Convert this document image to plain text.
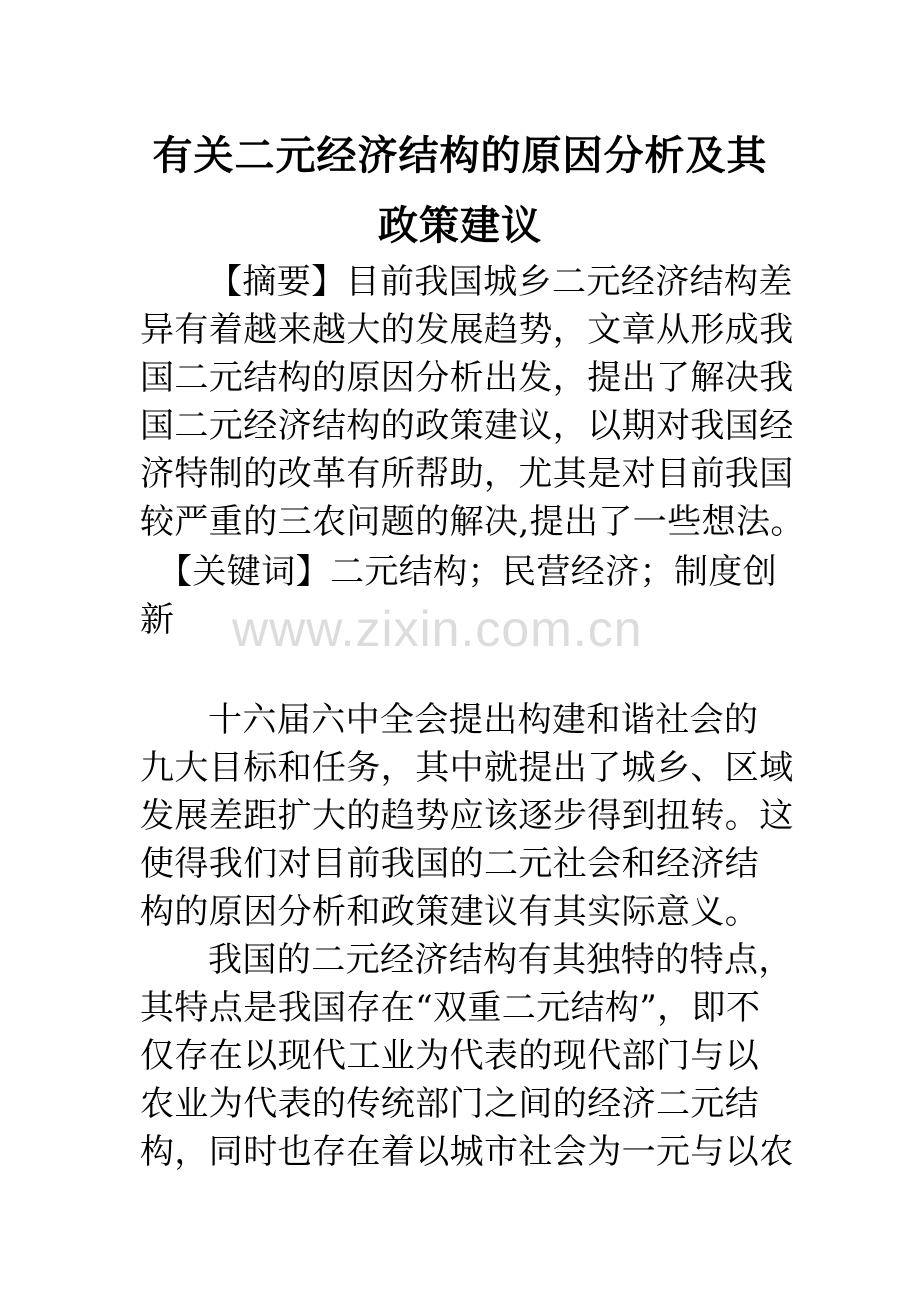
有关二元经济结构的原因分析及其
政策建议
【摘要】目前我国城乡二元经济结构差
异有着越来越大的发展趋势，文章从形成我
国二元结构的原因分析出发，提出了解决我
国二元经济结构的政策建议，以期对我国经
济特制的改革有所帮助，尤其是对目前我国
较严重的三农问题的解决,提出了一些想法。
【关键词】二元结构；民营经济；制度创
新 www.zixin.com.cn
十六届六中全会提出构建和谐社会的
九大目标和任务，其中就提出了城乡、区域
发展差距扩大的趋势应该逐步得到扭转。这
使得我们对目前我国的二元社会和经济结
构的原因分析和政策建议有其实际意义。
我国的二元经济结构有其独特的特点，
其特点是我国存在“双重二元结构”，即不
仅存在以现代工业为代表的现代部门与以
农业为代表的传统部门之间的经济二元结
构，同时也存在着以城市社会为一元与以农
